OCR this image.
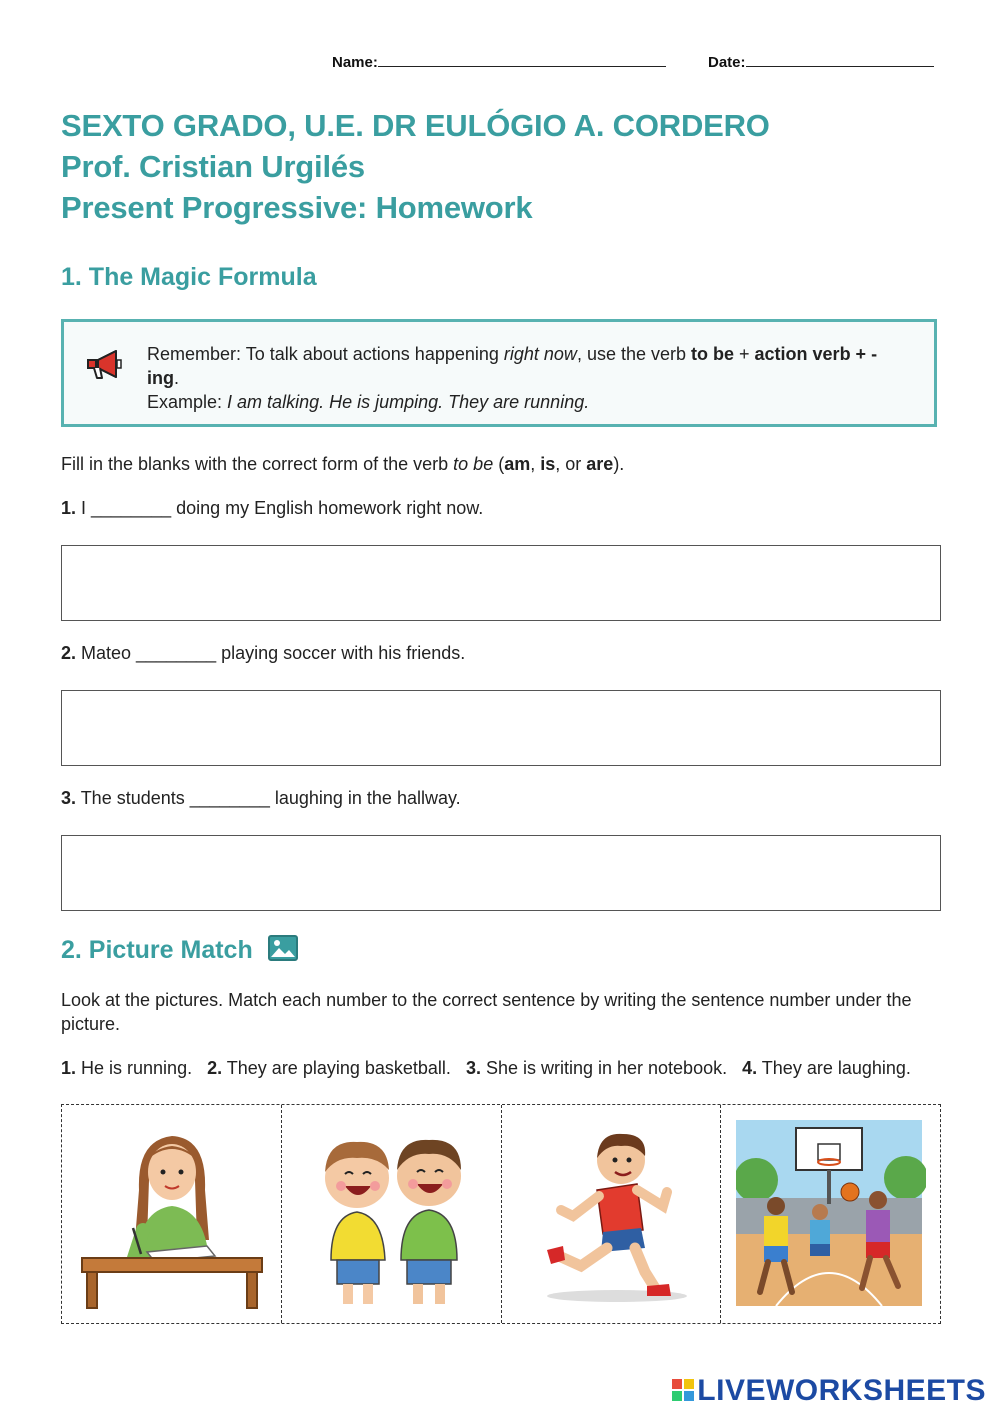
Name:	Date:
SEXTO GRADO, U.E. DR EULÓGIO A. CORDERO
Prof. Cristian Urgilés
Present Progressive: Homework
1. The Magic Formula
Remember: To talk about actions happening right now, use the verb to be + action verb + -ing.
Example: I am talking. He is jumping. They are running.
Fill in the blanks with the correct form of the verb to be (am, is, or are).
1. I ________ doing my English homework right now.
2. Mateo ________ playing soccer with his friends.
3. The students ________ laughing in the hallway.
2. Picture Match
Look at the pictures. Match each number to the correct sentence by writing the sentence number under the picture.
1. He is running. 2. They are playing basketball. 3. She is writing in her notebook. 4. They are laughing.
LIVEWORKSHEETS
